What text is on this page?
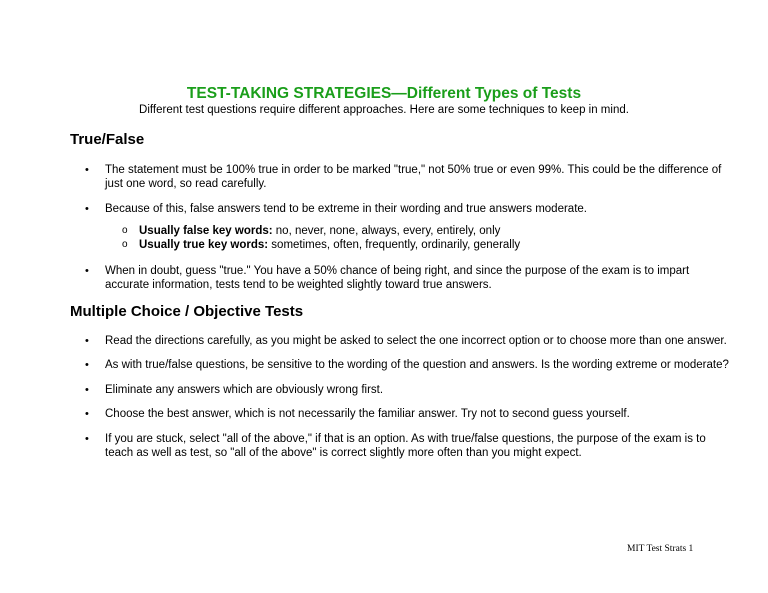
TEST-TAKING STRATEGIES—Different Types of Tests
Different test questions require different approaches. Here are some techniques to keep in mind.
True/False
• The statement must be 100% true in order to be marked "true," not 50% true or even 99%. This could be the difference of just one word, so read carefully.
• Because of this, false answers tend to be extreme in their wording and true answers moderate.
o Usually false key words: no, never, none, always, every, entirely, only
o Usually true key words: sometimes, often, frequently, ordinarily, generally
• When in doubt, guess "true." You have a 50% chance of being right, and since the purpose of the exam is to impart accurate information, tests tend to be weighted slightly toward true answers.
Multiple Choice / Objective Tests
• Read the directions carefully, as you might be asked to select the one incorrect option or to choose more than one answer.
• As with true/false questions, be sensitive to the wording of the question and answers. Is the wording extreme or moderate?
• Eliminate any answers which are obviously wrong first.
• Choose the best answer, which is not necessarily the familiar answer. Try not to second guess yourself.
• If you are stuck, select "all of the above," if that is an option. As with true/false questions, the purpose of the exam is to teach as well as test, so "all of the above" is correct slightly more often than you might expect.
MIT Test Strats 1
